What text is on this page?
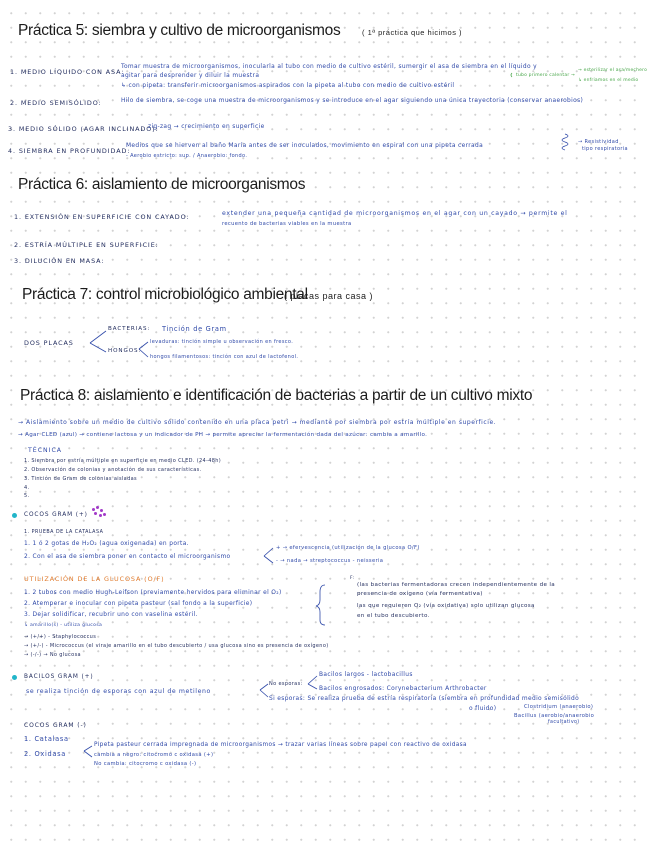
Práctica 5: siembra y cultivo de microorganismos	( 1ª práctica que hicimos )
1. MEDIO LÍQUIDO CON ASA:
Tomar muestra de microorganismos, inocularla al tubo con medio de cultivo estéril, sumergir el asa de siembra en el líquido y
agitar para desprender y diluir la muestra
↳ con pipeta: transferir microorganismos aspirados con la pipeta al tubo con medio de cultivo estéril
tubo primero calentar →
→ esterilizar el asa/mechero
↳ enfriamos en el medio
2. MEDIO SEMISÓLIDO:	Hilo de siembra, se coge una muestra de microorganismos y se introduce en el agar siguiendo una única trayectoria (conservar anaerobios)
3. MEDIO SÓLIDO (AGAR INCLINADO):
zig-zag → crecimiento en superficie
4. SIEMBRA EN PROFUNDIDAD:
Medios que se hierven al baño María antes de ser inoculados, movimiento en espiral con una pipeta cerrada
- Aerobio estricto: sup. / Anaerobio: fondo.
→ Resistividad
tipo respiratoria
Práctica 6: aislamiento de microorganismos
1. EXTENSIÓN EN SUPERFICIE CON CAYADO:	extender una pequeña cantidad de microorganismos en el agar con un cayado → permite el
recuento de bacterias viables en la muestra
2. ESTRÍA MÚLTIPLE EN SUPERFICIE:
3. DILUCIÓN EN MASA:
Práctica 7: control microbiológico ambiental
( placas para casa )
DOS PLACAS
BACTERIAS: Tinción de Gram
HONGOS:
levaduras: tinción simple u observación en fresco.
hongos filamentosos: tinción con azul de lactofenol.
Práctica 8: aislamiento e identificación de bacterias a partir de un cultivo mixto
→ Aislamiento sobre un medio de cultivo sólido contenido en una placa petri → mediante por siembra por estría múltiple en superficie.
→ Agar CLED (azul) → contiene lactosa y un indicador de PH → permite apreciar la fermentación dada del azúcar: cambia a amarillo.
TÉCNICA
1. Siembra por estría múltiple en superficie en medio CLED. (24-48h)
2. Observación de colonias y anotación de sus características.
3. Tinción de Gram de colonias aisladas
4.
5.
COCOS GRAM (+)
1. PRUEBA DE LA CATALASA
1. 1 ó 2 gotas de H₂O₂ (agua oxigenada) en porta.
2. Con el asa de siembra poner en contacto el microorganismo
+ → efervescencia (utilización de la glucosa O/F)
- → nada → streptococcus - neisseria
UTILIZACIÓN DE LA GLUCOSA (O/F)
1. 2 tubos con medio Hugh-Leifson (previamente hervidos para eliminar el O₂)
2. Atemperar e inocular con pipeta pasteur (sal fondo a la superficie)
3. Dejar solidificar, recubrir uno con vaselina estéril.
↳ amarillo(s) - utiliza glucosa
→ (+/+) - Staphylococcus
→ (+/-) - Micrococcus (el viraje amarillo en el tubo descubierto / usa glucosa sino es presencia de oxígeno)
→ (-/-) → No glucosa
F:
(las bacterias fermentadoras crecen independientemente de la
presencia de oxígeno (vía fermentativa)
las que requieren O₂ (vía oxidativa) solo utilizan glucosa
en el tubo descubierto.
BACILOS GRAM (+)
se realiza tinción de esporas con azul de metileno
No esporas:
Bacilos largos - lactobacillus
Bacilos engrosados: Corynebacterium Arthrobacter
Si esporas: Se realiza prueba de estría respiratoria (siembra en profundidad medio semisólido
o fluido)	Clostridium (anaerobio)
Bacillus (aerobio/anaerobio
facultativo)
COCOS GRAM (-)
1. Catalasa
2. Oxidasa
Pipeta pasteur cerrada impregnada de microorganismos → trazar varias líneas sobre papel con reactivo de oxidasa
cambia a negro: citocromo c oxidasa (+)
No cambia: citocromo c oxidasa (-)
